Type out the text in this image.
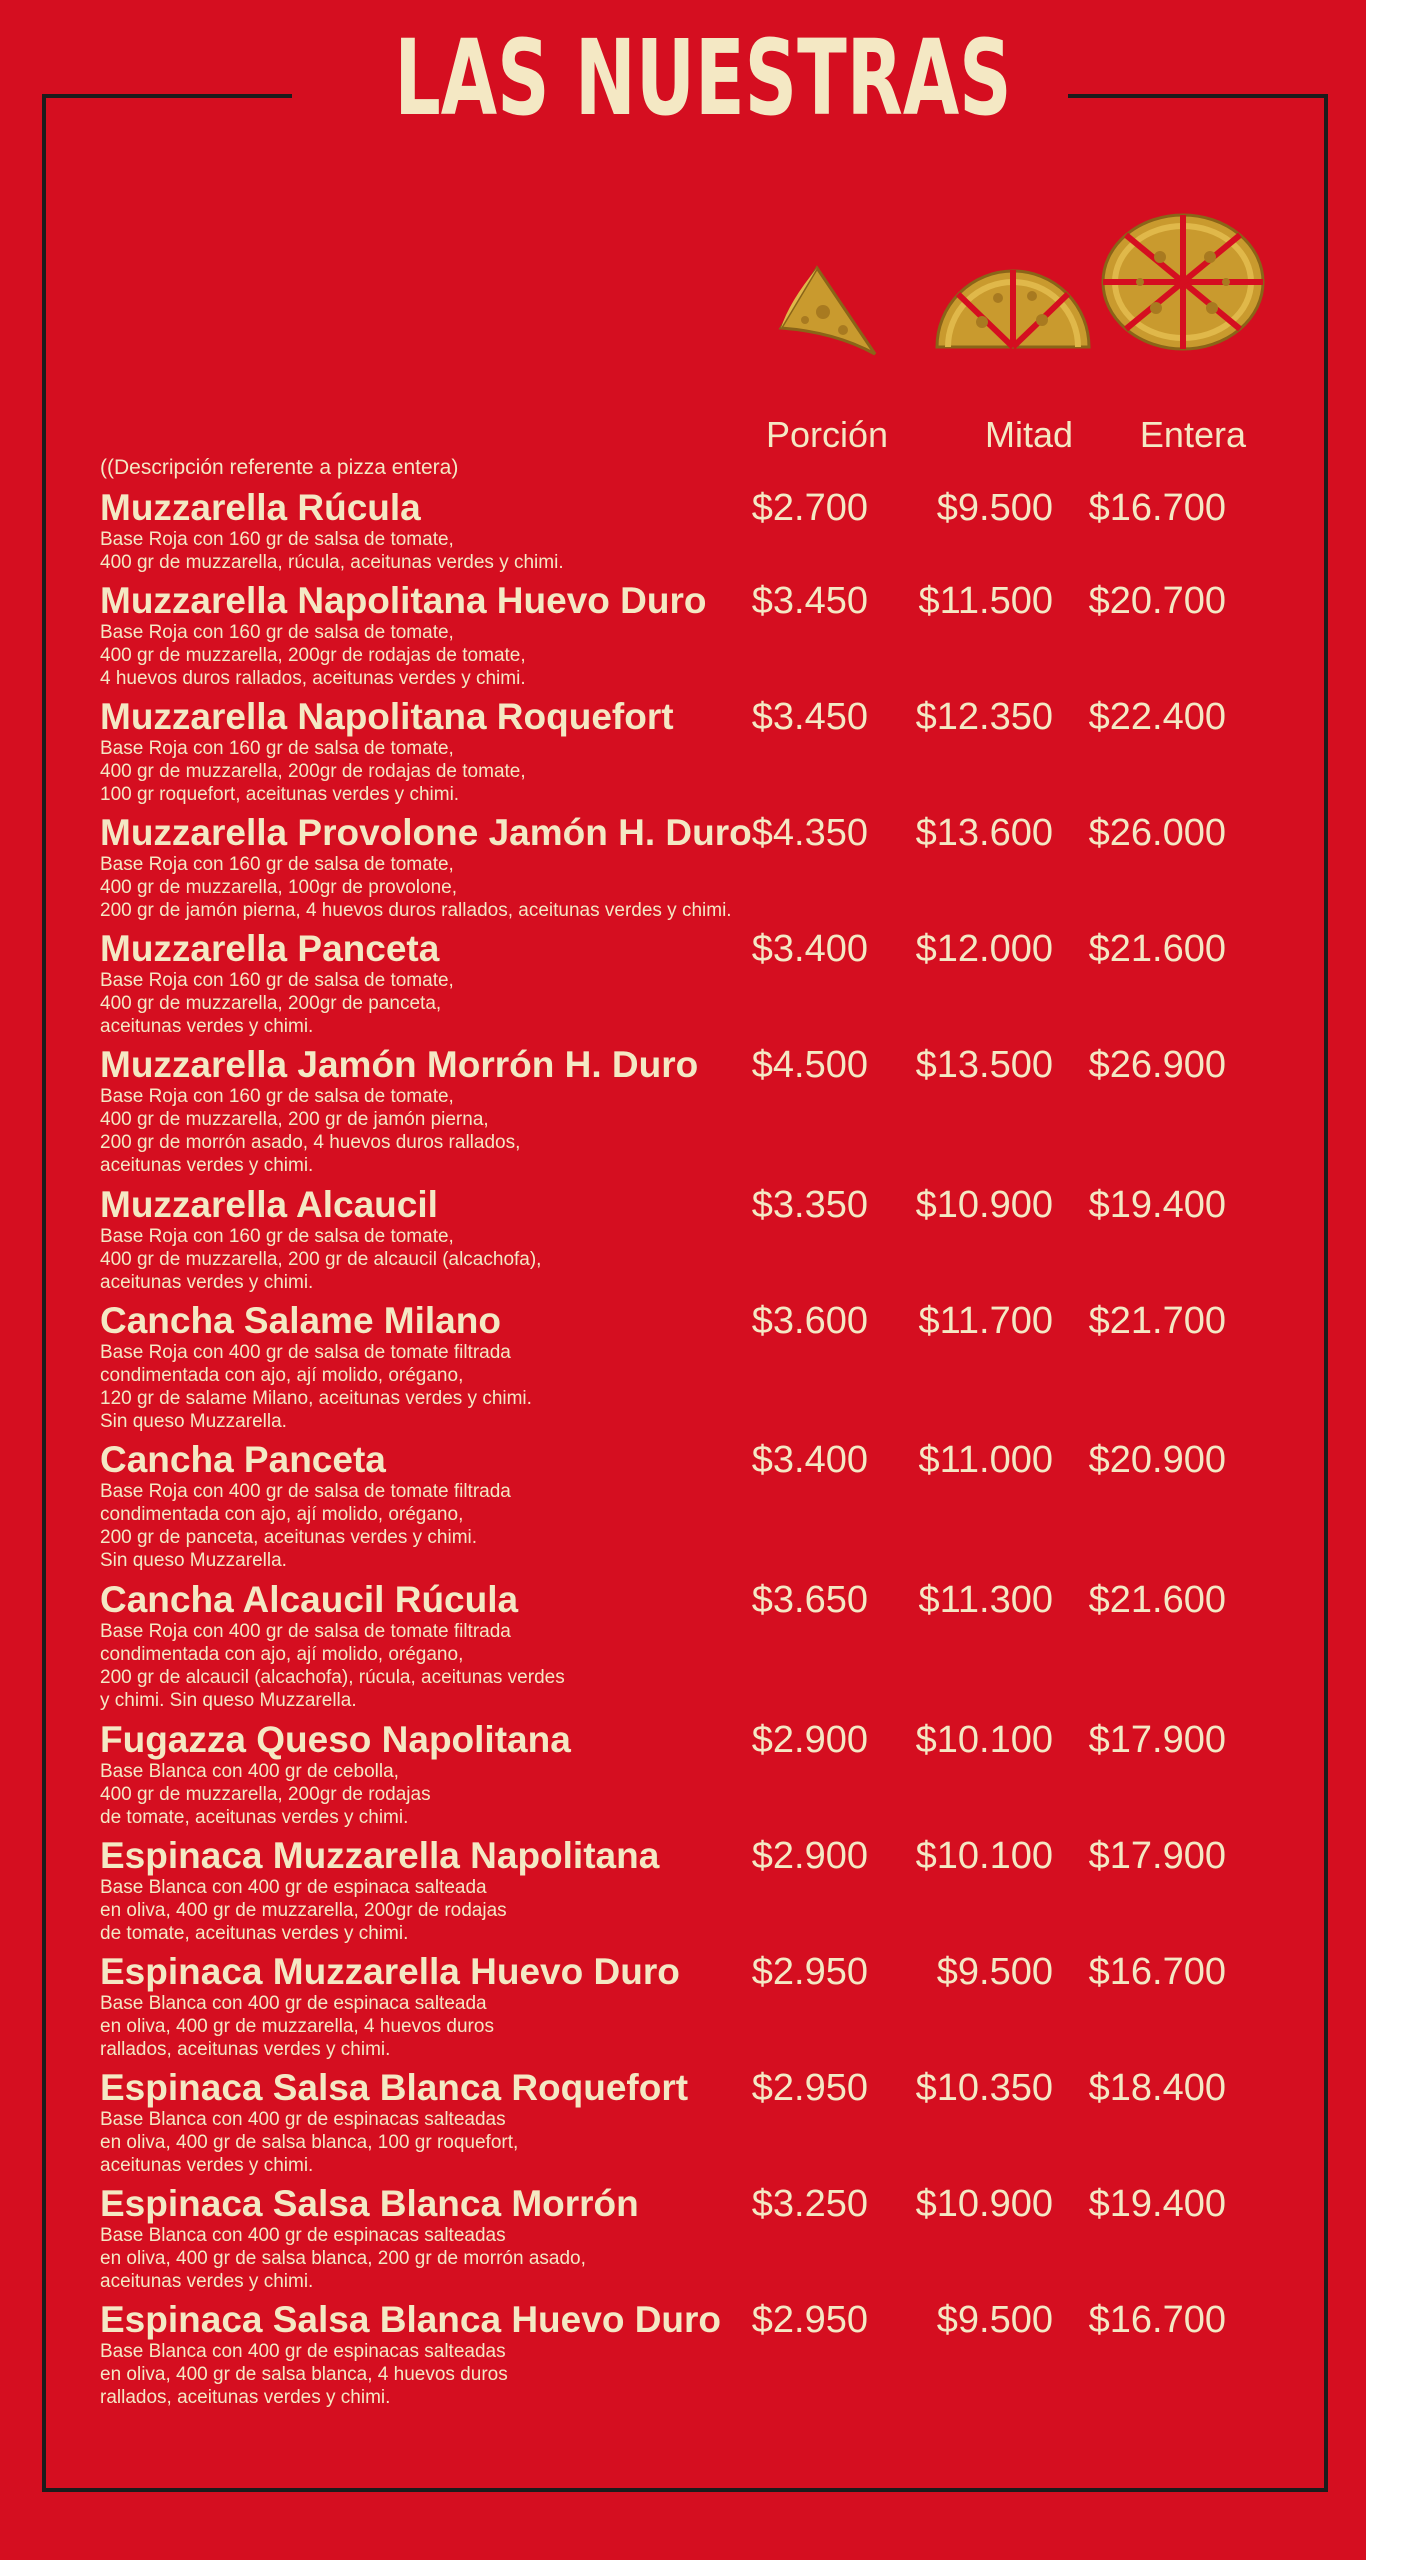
LAS NUESTRAS
Porción	Mitad	Entera
((Descripción referente a pizza entera)
Muzzarella Rúcula
Base Roja con 160 gr de salsa de tomate,
400 gr de muzzarella, rúcula, aceitunas verdes y chimi.
$2.700	$9.500 $16.700
Muzzarella Napolitana Huevo Duro
Base Roja con 160 gr de salsa de tomate,
400 gr de muzzarella, 200gr de rodajas de tomate,
4 huevos duros rallados, aceitunas verdes y chimi.
$3.450	$11.500 $20.700
Muzzarella Napolitana Roquefort
Base Roja con 160 gr de salsa de tomate,
400 gr de muzzarella, 200gr de rodajas de tomate,
100 gr roquefort, aceitunas verdes y chimi.
$3.450	$12.350 $22.400
Muzzarella Provolone Jamón H. Duro
Base Roja con 160 gr de salsa de tomate,
400 gr de muzzarella, 100gr de provolone,
200 gr de jamón pierna, 4 huevos duros rallados, aceitunas verdes y chimi.
$4.350	$13.600 $26.000
Muzzarella Panceta
Base Roja con 160 gr de salsa de tomate,
400 gr de muzzarella, 200gr de panceta,
aceitunas verdes y chimi.
$3.400	$12.000 $21.600
Muzzarella Jamón Morrón H. Duro
Base Roja con 160 gr de salsa de tomate,
400 gr de muzzarella, 200 gr de jamón pierna,
200 gr de morrón asado, 4 huevos duros rallados,
aceitunas verdes y chimi.
$4.500	$13.500 $26.900
Muzzarella Alcaucil
Base Roja con 160 gr de salsa de tomate,
400 gr de muzzarella, 200 gr de alcaucil (alcachofa),
aceitunas verdes y chimi.
$3.350	$10.900 $19.400
Cancha Salame Milano
Base Roja con 400 gr de salsa de tomate filtrada
condimentada con ajo, ají molido, orégano,
120 gr de salame Milano, aceitunas verdes y chimi.
Sin queso Muzzarella.
$3.600	$11.700 $21.700
Cancha Panceta
Base Roja con 400 gr de salsa de tomate filtrada
condimentada con ajo, ají molido, orégano,
200 gr de panceta, aceitunas verdes y chimi.
Sin queso Muzzarella.
$3.400	$11.000 $20.900
Cancha Alcaucil Rúcula
Base Roja con 400 gr de salsa de tomate filtrada
condimentada con ajo, ají molido, orégano,
200 gr de alcaucil (alcachofa), rúcula, aceitunas verdes
y chimi. Sin queso Muzzarella.
$3.650	$11.300 $21.600
Fugazza Queso Napolitana
Base Blanca con 400 gr de cebolla,
400 gr de muzzarella, 200gr de rodajas
de tomate, aceitunas verdes y chimi.
$2.900	$10.100 $17.900
Espinaca Muzzarella Napolitana
Base Blanca con 400 gr de espinaca salteada
en oliva, 400 gr de muzzarella, 200gr de rodajas
de tomate, aceitunas verdes y chimi.
$2.900	$10.100 $17.900
Espinaca Muzzarella Huevo Duro
Base Blanca con 400 gr de espinaca salteada
en oliva, 400 gr de muzzarella, 4 huevos duros
rallados, aceitunas verdes y chimi.
$2.950	$9.500 $16.700
Espinaca Salsa Blanca Roquefort
Base Blanca con 400 gr de espinacas salteadas
en oliva, 400 gr de salsa blanca, 100 gr roquefort,
aceitunas verdes y chimi.
$2.950	$10.350 $18.400
Espinaca Salsa Blanca Morrón
Base Blanca con 400 gr de espinacas salteadas
en oliva, 400 gr de salsa blanca, 200 gr de morrón asado,
aceitunas verdes y chimi.
$3.250	$10.900 $19.400
Espinaca Salsa Blanca Huevo Duro
Base Blanca con 400 gr de espinacas salteadas
en oliva, 400 gr de salsa blanca, 4 huevos duros
rallados, aceitunas verdes y chimi.
$2.950	$9.500 $16.700
